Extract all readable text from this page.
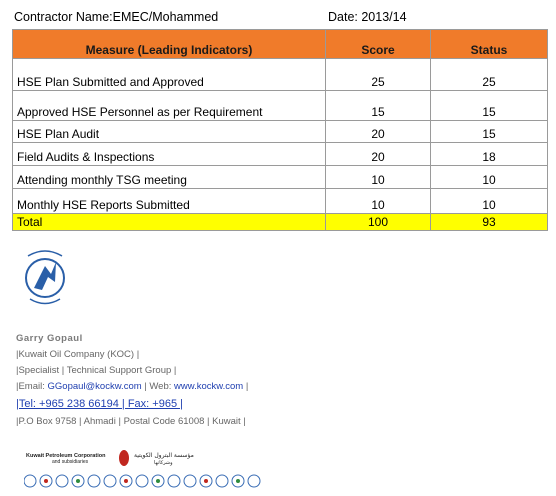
Contractor Name:EMEC/Mohammed	Date: 2013/14
Measure (Leading Indicators)	Score	Status
HSE Plan Submitted and Approved	25	25
Approved HSE Personnel as per Requirement	15	15
HSE Plan Audit	20	15
Field Audits & Inspections	20	18
Attending monthly TSG meeting	10	10
Monthly HSE Reports Submitted	10	10
Total	100	93
Garry Gopaul
|Kuwait Oil Company (KOC) |
|Specialist | Technical Support Group |
|Email: GGopaul@kockw.com | Web: www.kockw.com |
|Tel: +965 238 66194 | Fax: +965 |
|P.O Box 9758 | Ahmadi | Postal Code 61008 | Kuwait |
Kuwait Petroleum Corporation
and subsidiaries
مؤسسة البترول الكويتية
وشركاتها
